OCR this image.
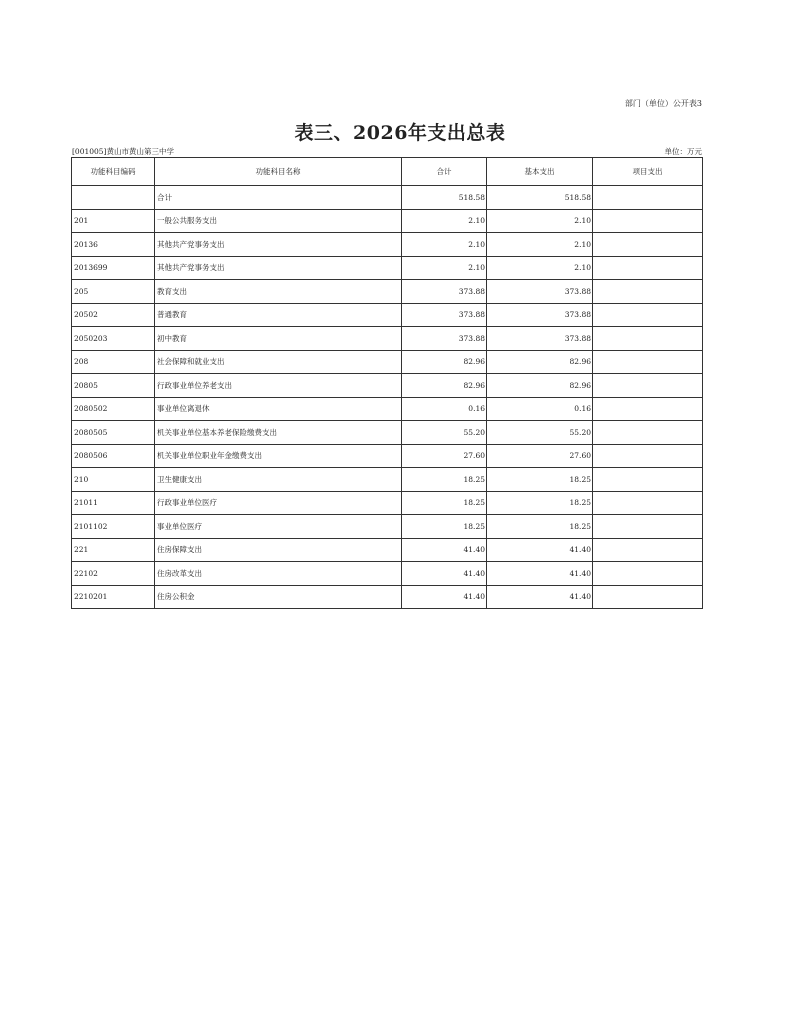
部门（单位）公开表3
表三、2026年支出总表
[001005]黄山市黄山第三中学	单位：万元
功能科目编码	功能科目名称	合计	基本支出	项目支出
	合计	518.58	518.58	
201	一般公共服务支出	2.10	2.10	
20136	其他共产党事务支出	2.10	2.10	
2013699	其他共产党事务支出	2.10	2.10	
205	教育支出	373.88	373.88	
20502	普通教育	373.88	373.88	
2050203	初中教育	373.88	373.88	
208	社会保障和就业支出	82.96	82.96	
20805	行政事业单位养老支出	82.96	82.96	
2080502	事业单位离退休	0.16	0.16	
2080505	机关事业单位基本养老保险缴费支出	55.20	55.20	
2080506	机关事业单位职业年金缴费支出	27.60	27.60	
210	卫生健康支出	18.25	18.25	
21011	行政事业单位医疗	18.25	18.25	
2101102	事业单位医疗	18.25	18.25	
221	住房保障支出	41.40	41.40	
22102	住房改革支出	41.40	41.40	
2210201	住房公积金	41.40	41.40	
